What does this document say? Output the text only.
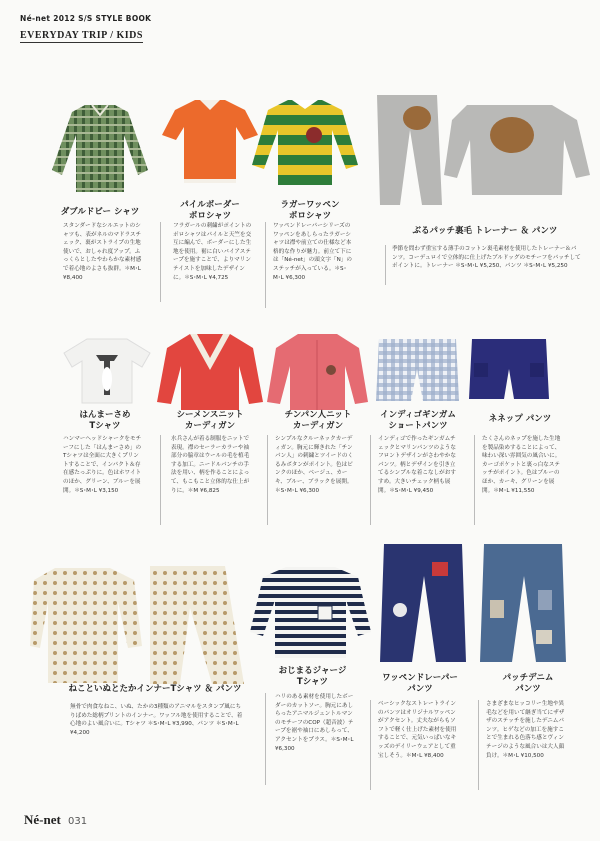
Né-net 2012 S/S STYLE BOOK
EVERYDAY TRIP / KIDS
ダブルドビー シャツ
パイルボーダー
ポロシャツ
ラガーワッペン
ポロシャツ
ぶるパッチ裏毛 トレーナー ＆ パンツ
スタンダードなシルエットのシャツも、表がネルのマドラスチェック、裏がストライプの生地使いで、おしゃれ度アップ。ふっくらとしたやわらかな素材感で着心地のよさも抜群。＊M･L ¥8,400
フラガールの刺繍がポイントのポロシャツはパイルと天竺を交互に編んで、ボーダーにした生地を使用。裾に白いバイアステープを施すことで、よりマリンテイストを加味したデザインに。＊S･M･L ¥4,725
ワッペンドレーパーシリーズのワッペンをあしらったラガーシャツは襟や前立ての仕様など本格的な作りが魅力。前立て下には「Né-net」の頭文字「N」のステッチが入っている。＊S･M･L ¥6,300
季節を問わず重宝する薄手のコットン裏毛素材を使用したトレーナー＆パンツ。コーデュロイで立体的に仕上げたブルドッグのモチーフをパッチしてポイントに。トレーナー ＊S･M･L ¥5,250、パンツ ＊S･M･L ¥5,250
はんまーさめ
Tシャツ
シーメンスニット
カーディガン
チンパン人ニット
カーディガン
インディゴギンガム
ショートパンツ
ネネップ パンツ
ハンマーヘッドシャークをモチーフにした「はんまーさめ」のTシャツは全面に大きくプリントすることで、インパクト＆存在感たっぷりに。色はホワイトのほか、グリーン、ブルーを展開。＊S･M･L ¥3,150
水兵さんが着る制服をニットで表現。襟のセーラーカラーや袖部分の脇章はウールの毛を植毛する加工。ニードルパンチの手法を用い、柄を作ることによって、もこもこと立体的な仕上がりに。＊M ¥6,825
シンプルなクルーネックカーディガン。胸元に輝きれた「チンパン人」の刺繍とツイードのくるみボタンがポイント。色はピンクのほか、ベージュ、カーキ、ブルー、ブラックを展開。＊S･M･L ¥6,300
インディゴで作ったギンガムチェックとマリンパンツのようなフロントデザインがさわやかなパンツ。柄とデザインを引き立てるシンプルな着こなしがおすすめ。大きいチェック柄も展開。＊S･M･L ¥9,450
たくさんのネップを施した生地を製品染めすることによって、味わい深い雰囲気の風合いに。カーゴポケットと裏っ白なステッチがポイント。色はブルーのほか、カーキ、グリーンを展開。＊M･L ¥11,550
ねこといぬとたかインナーTシャツ ＆ パンツ
おじまるジャージ
Tシャツ	ワッペンドレーパー
パンツ
パッチデニム
パンツ
無骨で肉食なねこ、いぬ、たかの3種類のアニマルをスタンプ風にちりばめた総柄プリントのインナー。ワッフル地を使用することで、着心地のよい風合いに。Tシャツ ＊S･M･L ¥3,990、パンツ ＊S･M･L ¥4,200
ハリのある素材を使用したボーダーのカットソー。胸元にあしらったアニマルジェントルマンのモチーフのCOP（超音波）テープを裾や袖口にあしらって、アクセントをプラス。＊S･M･L ¥6,300
ベーシックなストレートラインのパンツはオリジナルワッペンがアクセント。丈夫ながらもソフトで軽く仕上げた素材を使用することで、元気いっぱいなキッズのデイリーウェアとして重宝しそう。＊M･L ¥8,400
さまざまなヒッコリー生地や異毛などを用いて継ぎ当てにザザザのステッチを施したデニムパンツ。ヒゲなどの加工を施すことで生まれる色落ち感とヴィンテージのような風合いは大人顔負け。＊M･L ¥10,500
Né-net 031
